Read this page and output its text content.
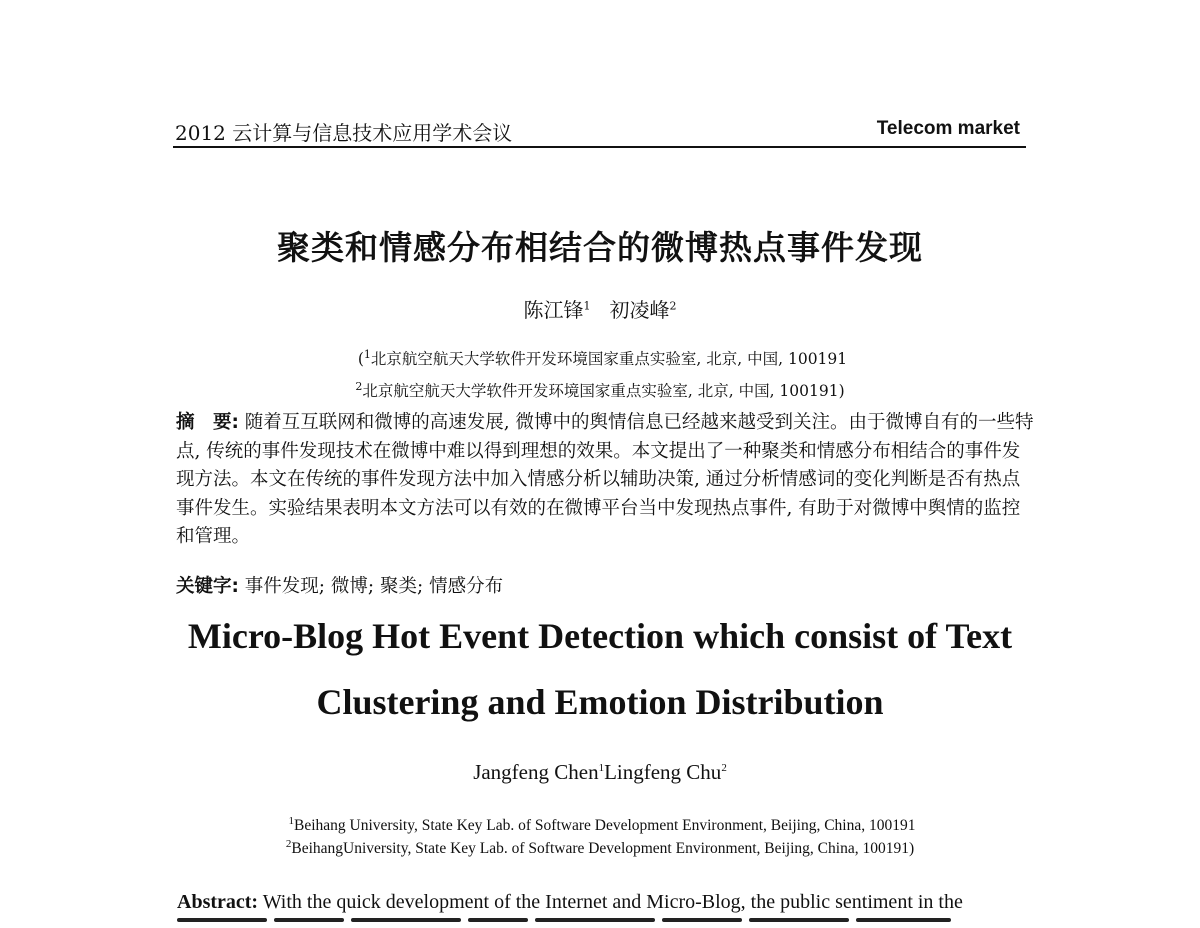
2012 云计算与信息技术应用学术会议	Telecom market
聚类和情感分布相结合的微博热点事件发现
陈江锋$^1$ 初凌峰$^2$
($^1$北京航空航天大学软件开发环境国家重点实验室, 北京, 中国, 100191
$^2$北京航空航天大学软件开发环境国家重点实验室, 北京, 中国, 100191)
摘　要: 随着互互联网和微博的高速发展, 微博中的舆情信息已经越来越受到关注。由于微博自有的一些特点, 传统的事件发现技术在微博中难以得到理想的效果。本文提出了一种聚类和情感分布相结合的事件发现方法。本文在传统的事件发现方法中加入情感分析以辅助决策, 通过分析情感词的变化判断是否有热点事件发生。实验结果表明本文方法可以有效的在微博平台当中发现热点事件, 有助于对微博中舆情的监控和管理。
关键字: 事件发现; 微博; 聚类; 情感分布
Micro-Blog Hot Event Detection which consist of Text
Clustering and Emotion Distribution
Jangfeng Chen$^1$Lingfeng Chu$^2$
$^1$Beihang University, State Key Lab. of Software Development Environment, Beijing, China, 100191
$^2$BeihangUniversity, State Key Lab. of Software Development Environment, Beijing, China, 100191)
Abstract: With the quick development of the Internet and Micro-Blog, the public sentiment in the
